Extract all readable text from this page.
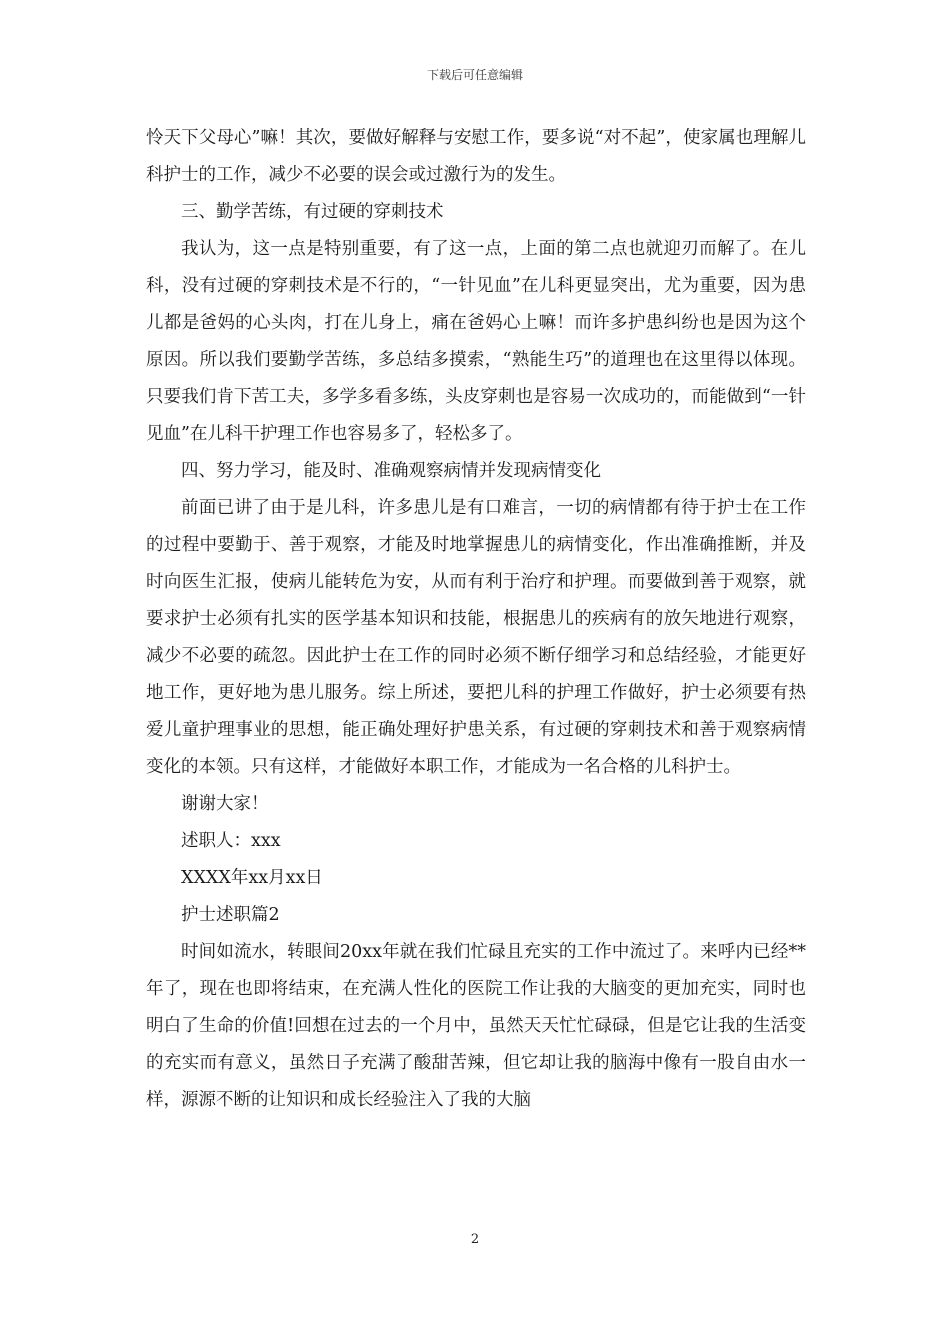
下载后可任意编辑

怜天下父母心”嘛！其次，要做好解释与安慰工作，要多说“对不起”，使家属也理解儿科护士的工作，减少不必要的误会或过激行为的发生。

三、勤学苦练，有过硬的穿刺技术

我认为，这一点是特别重要，有了这一点，上面的第二点也就迎刃而解了。在儿科，没有过硬的穿刺技术是不行的，“一针见血”在儿科更显突出，尤为重要，因为患儿都是爸妈的心头肉，打在儿身上，痛在爸妈心上嘛！而许多护患纠纷也是因为这个原因。所以我们要勤学苦练，多总结多摸索，“熟能生巧”的道理也在这里得以体现。只要我们肯下苦工夫，多学多看多练，头皮穿刺也是容易一次成功的，而能做到“一针见血”在儿科干护理工作也容易多了，轻松多了。

四、努力学习，能及时、准确观察病情并发现病情变化

前面已讲了由于是儿科，许多患儿是有口难言，一切的病情都有待于护士在工作的过程中要勤于、善于观察，才能及时地掌握患儿的病情变化，作出准确推断，并及时向医生汇报，使病儿能转危为安，从而有利于治疗和护理。而要做到善于观察，就要求护士必须有扎实的医学基本知识和技能，根据患儿的疾病有的放矢地进行观察，减少不必要的疏忽。因此护士在工作的同时必须不断仔细学习和总结经验，才能更好地工作，更好地为患儿服务。综上所述，要把儿科的护理工作做好，护士必须要有热爱儿童护理事业的思想，能正确处理好护患关系，有过硬的穿刺技术和善于观察病情变化的本领。只有这样，才能做好本职工作，才能成为一名合格的儿科护士。

谢谢大家！

述职人：xxx

XXXX年xx月xx日

护士述职篇2

时间如流水，转眼间20xx年就在我们忙碌且充实的工作中流过了。来呼内已经**年了，现在也即将结束，在充满人性化的医院工作让我的大脑变的更加充实，同时也明白了生命的价值!回想在过去的一个月中，虽然天天忙忙碌碌，但是它让我的生活变的充实而有意义，虽然日子充满了酸甜苦辣，但它却让我的脑海中像有一股自由水一样，源源不断的让知识和成长经验注入了我的大脑

2
